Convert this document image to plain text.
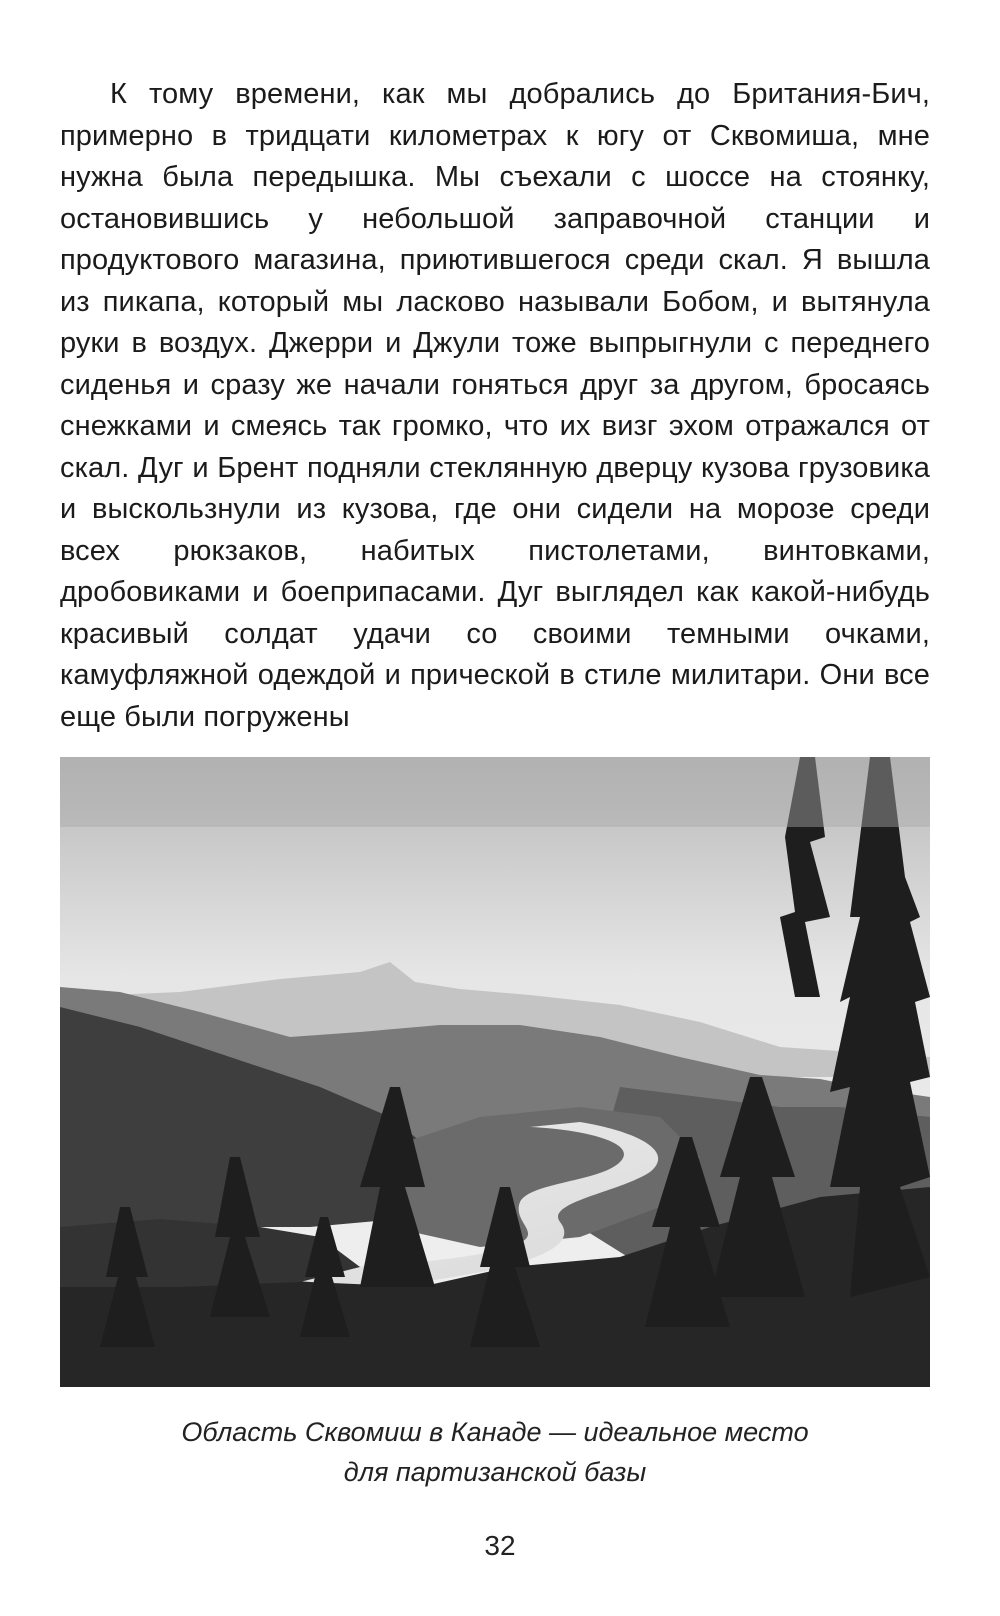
К тому времени, как мы добрались до Британия-Бич, примерно в тридцати километрах к югу от Сквомиша, мне нужна была передышка. Мы съехали с шоссе на стоянку, остановившись у небольшой заправочной станции и продуктового магазина, приютившегося среди скал. Я вышла из пикапа, который мы ласково называли Бобом, и вытянула руки в воздух. Джерри и Джули тоже выпрыгнули с переднего сиденья и сразу же начали гоняться друг за другом, бросаясь снежками и смеясь так громко, что их визг эхом отражался от скал. Дуг и Брент подняли стеклянную дверцу кузова грузовика и выскользнули из кузова, где они сидели на морозе среди всех рюкзаков, набитых пистолетами, винтовками, дробовиками и боеприпасами. Дуг выглядел как какой-нибудь красивый солдат удачи со своими темными очками, камуфляжной одеждой и прической в стиле милитари. Они все еще были погружены

Область Сквомиш в Канаде — идеальное место
для партизанской базы
32
